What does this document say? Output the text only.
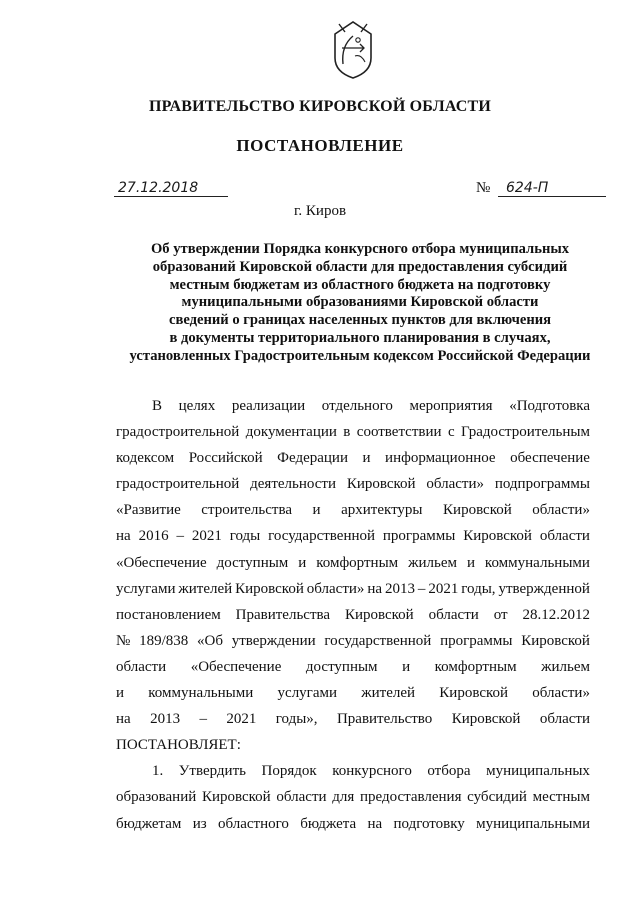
ПРАВИТЕЛЬСТВО КИРОВСКОЙ ОБЛАСТИ
ПОСТАНОВЛЕНИЕ
27.12.2018	№	624-П
г. Киров
Об утверждении Порядка конкурсного отбора муниципальных
образований Кировской области для предоставления субсидий
местным бюджетам из областного бюджета на подготовку
муниципальными образованиями Кировской области
сведений о границах населенных пунктов для включения
в документы территориального планирования в случаях,
установленных Градостроительным кодексом Российской Федерации
В целях реализации отдельного мероприятия «Подготовка
градостроительной документации в соответствии с Градостроительным
кодексом Российской Федерации и информационное обеспечение
градостроительной деятельности Кировской области» подпрограммы
«Развитие строительства и архитектуры Кировской области»
на 2016 – 2021 годы государственной программы Кировской области
«Обеспечение доступным и комфортным жильем и коммунальными
услугами жителей Кировской области» на 2013 – 2021 годы, утвержденной
постановлением Правительства Кировской области от 28.12.2012
№ 189/838 «Об утверждении государственной программы Кировской
области «Обеспечение доступным и комфортным жильем
и коммунальными услугами жителей Кировской области»
на 2013 – 2021 годы», Правительство Кировской области
ПОСТАНОВЛЯЕТ:
1. Утвердить Порядок конкурсного отбора муниципальных
образований Кировской области для предоставления субсидий местным
бюджетам из областного бюджета на подготовку муниципальными
